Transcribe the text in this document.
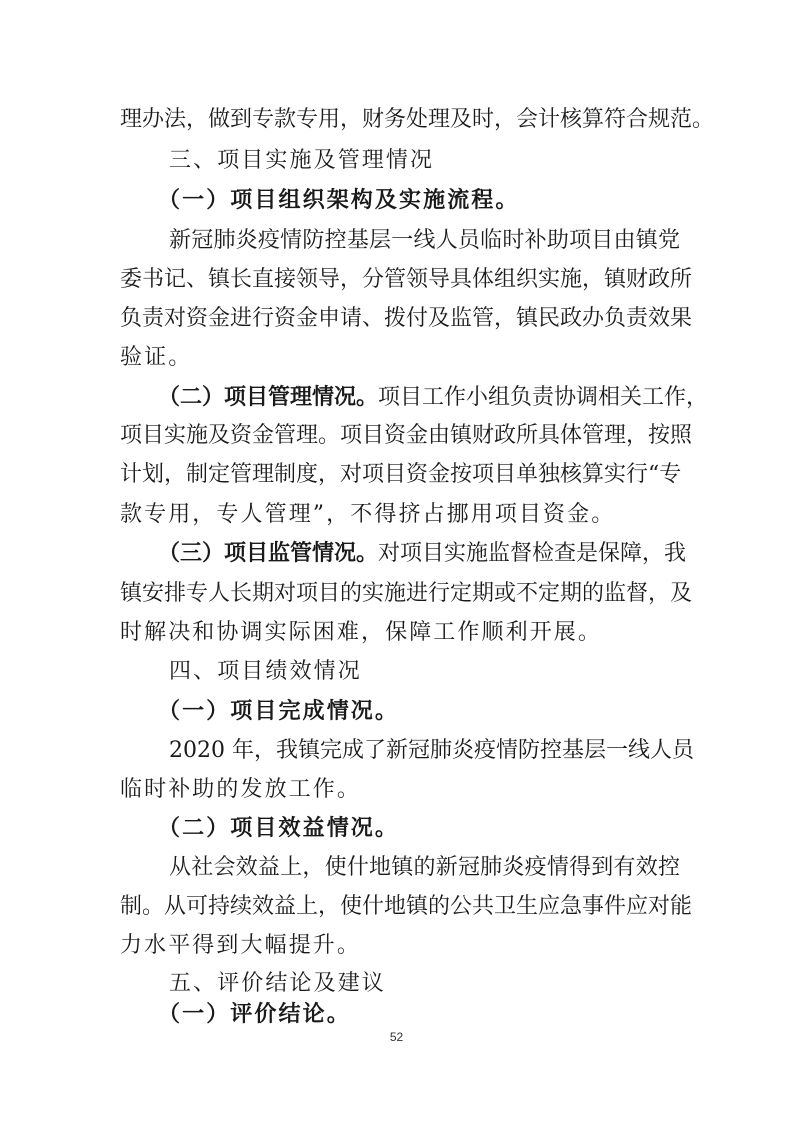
理办法，做到专款专用，财务处理及时，会计核算符合规范。
三、项目实施及管理情况
（一）项目组织架构及实施流程。
新冠肺炎疫情防控基层一线人员临时补助项目由镇党
委书记、镇长直接领导，分管领导具体组织实施，镇财政所
负责对资金进行资金申请、拨付及监管，镇民政办负责效果
验证。
（二）项目管理情况。 项目工作小组负责协调相关工作，
项目实施及资金管理。项目资金由镇财政所具体管理，按照
计划，制定管理制度，对项目资金按项目单独核算实行“专
款专用，专人管理”，不得挤占挪用项目资金。
（三）项目监管情况。 对项目实施监督检查是保障，我
镇安排专人长期对项目的实施进行定期或不定期的监督，及
时解决和协调实际困难，保障工作顺利开展。
四、项目绩效情况
（一）项目完成情况。
2020 年，我镇完成了新冠肺炎疫情防控基层一线人员
临时补助的发放工作。
（二）项目效益情况。
从社会效益上，使什地镇的新冠肺炎疫情得到有效控
制。从可持续效益上，使什地镇的公共卫生应急事件应对能
力水平得到大幅提升。
五、评价结论及建议
（一）评价结论。
52
